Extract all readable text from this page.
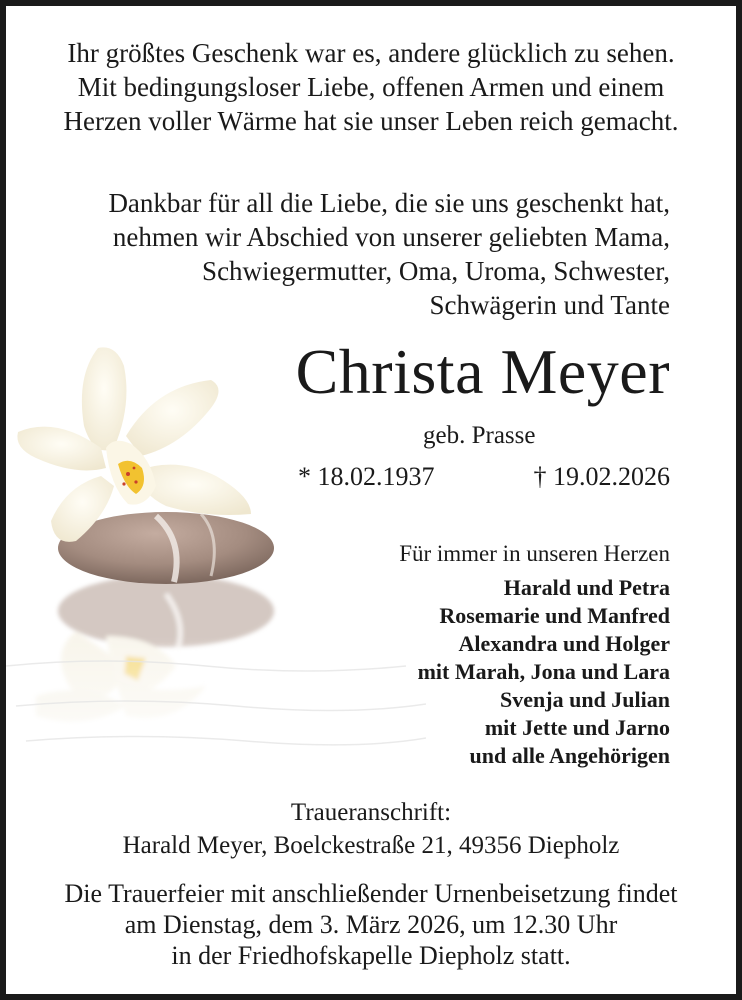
Ihr größtes Geschenk war es, andere glücklich zu sehen.
Mit bedingungsloser Liebe, offenen Armen und einem
Herzen voller Wärme hat sie unser Leben reich gemacht.
Dankbar für all die Liebe, die sie uns geschenkt hat,
nehmen wir Abschied von unserer geliebten Mama,
Schwiegermutter, Oma, Uroma, Schwester,
Schwägerin und Tante
Christa Meyer
geb. Prasse
* 18.02.1937	† 19.02.2026
Für immer in unseren Herzen
Harald und Petra
Rosemarie und Manfred
Alexandra und Holger
mit Marah, Jona und Lara
Svenja und Julian
mit Jette und Jarno
und alle Angehörigen
Traueranschrift:
Harald Meyer, Boelckestraße 21, 49356 Diepholz
Die Trauerfeier mit anschließender Urnenbeisetzung findet
am Dienstag, dem 3. März 2026, um 12.30 Uhr
in der Friedhofskapelle Diepholz statt.
